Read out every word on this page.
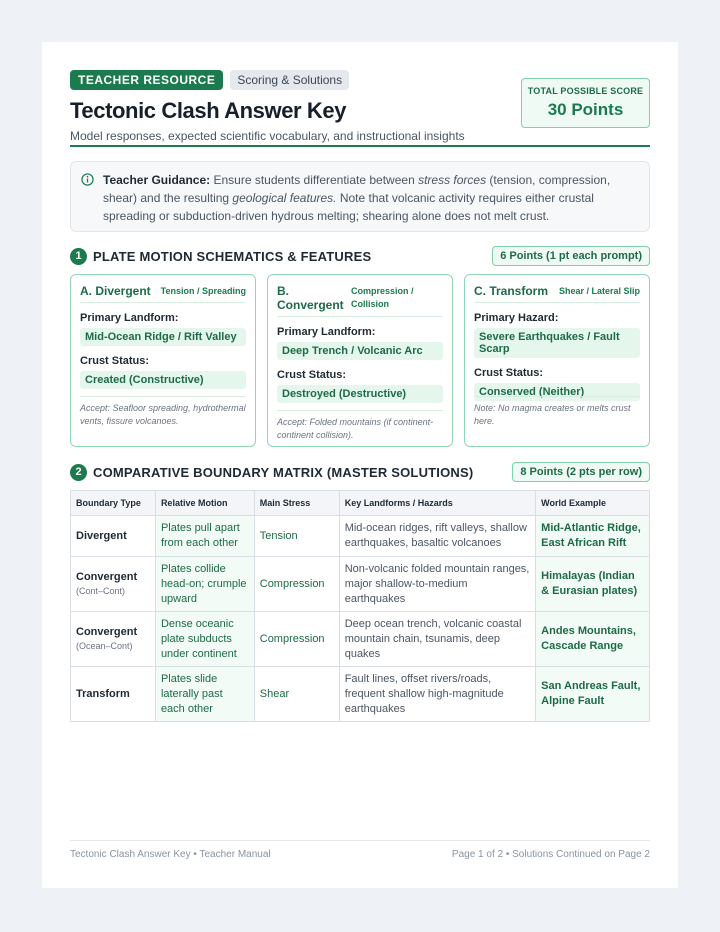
TEACHER RESOURCE	Scoring & Solutions
Tectonic Clash Answer Key
Model responses, expected scientific vocabulary, and instructional insights
TOTAL POSSIBLE SCORE
30 Points
Teacher Guidance: Ensure students differentiate between stress forces (tension, compression, shear) and the resulting geological features. Note that volcanic activity requires either crustal spreading or subduction-driven hydrous melting; shearing alone does not melt crust.
1 PLATE MOTION SCHEMATICS & FEATURES	6 Points (1 pt each prompt)
A. Divergent Tension / Spreading
Primary Landform:
Mid-Ocean Ridge / Rift Valley
Crust Status:
Created (Constructive)
Accept: Seafloor spreading, hydrothermal vents, fissure volcanoes.
B. Convergent
Compression / Collision
Primary Landform:
Deep Trench / Volcanic Arc
Crust Status:
Destroyed (Destructive)
Accept: Folded mountains (if continent-continent collision).
C. Transform Shear / Lateral Slip
Primary Hazard:
Severe Earthquakes / Fault Scarp
Crust Status:
Conserved (Neither)
Note: No magma creates or melts crust here.
2 COMPARATIVE BOUNDARY MATRIX (MASTER SOLUTIONS)	8 Points (2 pts per row)
Boundary Type	Relative Motion	Main Stress	Key Landforms / Hazards	World Example
Divergent	Plates pull apart from each other	Tension	Mid-ocean ridges, rift valleys, shallow earthquakes, basaltic volcanoes	Mid-Atlantic Ridge, East African Rift
Convergent
(Cont–Cont)	Plates collide head-on; crumple upward	Compression	Non-volcanic folded mountain ranges, major shallow-to-medium earthquakes	Himalayas (Indian & Eurasian plates)
Convergent
(Ocean–Cont)	Dense oceanic plate subducts under continent	Compression	Deep ocean trench, volcanic coastal mountain chain, tsunamis, deep quakes	Andes Mountains, Cascade Range
Transform	Plates slide laterally past each other	Shear	Fault lines, offset rivers/roads, frequent shallow high-magnitude earthquakes	San Andreas Fault, Alpine Fault
Tectonic Clash Answer Key • Teacher Manual	Page 1 of 2 • Solutions Continued on Page 2
